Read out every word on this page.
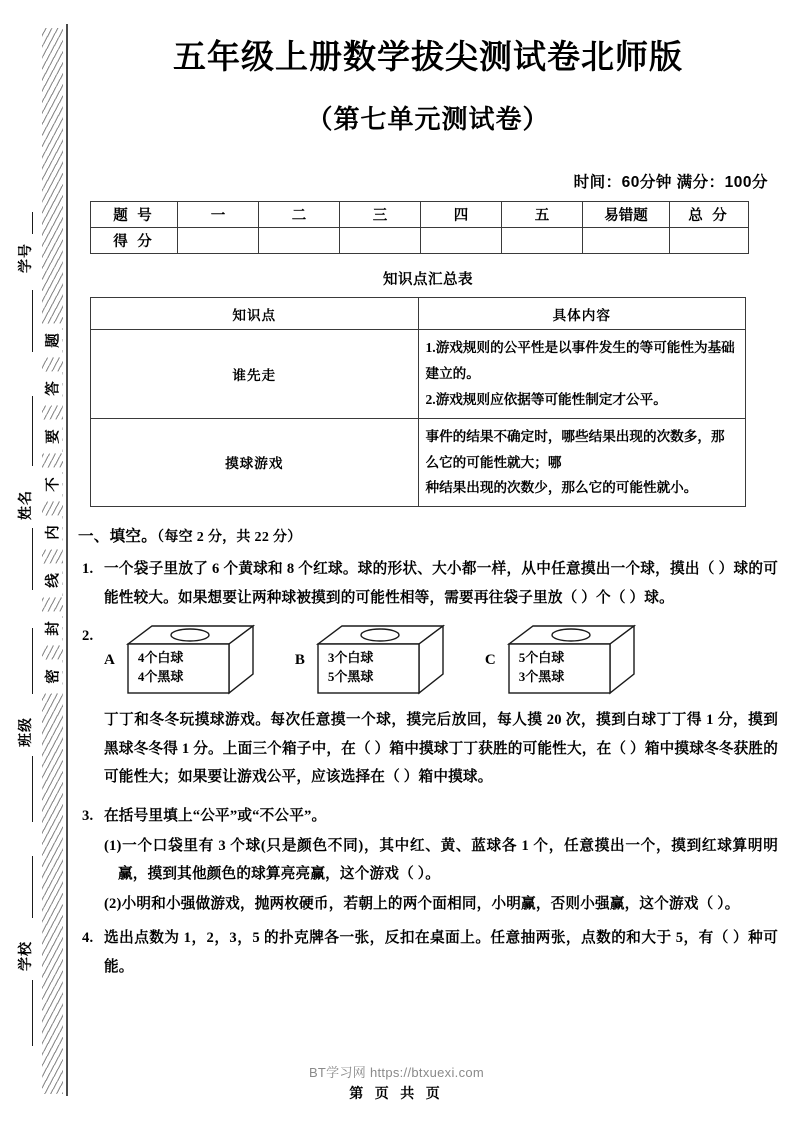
学号
姓名
班级
学校
题
答
要
不
内
线
封
密
五年级上册数学拔尖测试卷北师版
（第七单元测试卷）
时间：60分钟 满分：100分
题 号	一	二	三	四	五	易错题	总 分
得 分							
知识点汇总表
知识点	具体内容
谁先走	1.游戏规则的公平性是以事件发生的等可能性为基础建立的。
2.游戏规则应依据等可能性制定才公平。

摸球游戏	事件的结果不确定时，哪些结果出现的次数多，那么它的可能性就大；哪
种结果出现的次数少，那么它的可能性就小。
一、填空。（每空 2 分，共 22 分）
1. 一个袋子里放了 6 个黄球和 8 个红球。球的形状、大小都一样，从中任意摸出一个球，摸出（ ）球的可能性较大。如果想要让两种球被摸到的可能性相等，需要再往袋子里放（ ）个（ ）球。
2.
A 4个白球
4个黑球
B 3个白球
5个黑球
C 5个白球
3个黑球
丁丁和冬冬玩摸球游戏。每次任意摸一个球，摸完后放回，每人摸 20 次，摸到白球丁丁得 1 分，摸到黑球冬冬得 1 分。上面三个箱子中，在（ ）箱中摸球丁丁获胜的可能性大，在（ ）箱中摸球冬冬获胜的可能性大；如果要让游戏公平，应该选择在（ ）箱中摸球。
3. 在括号里填上“公平”或“不公平”。
(1)一个口袋里有 3 个球(只是颜色不同)，其中红、黄、蓝球各 1 个，任意摸出一个，摸到红球算明明赢，摸到其他颜色的球算亮亮赢，这个游戏（ ）。
(2)小明和小强做游戏，抛两枚硬币，若朝上的两个面相同，小明赢，否则小强赢，这个游戏（ ）。
4. 选出点数为 1，2，3，5 的扑克牌各一张，反扣在桌面上。任意抽两张，点数的和大于 5，有（ ）种可能。
BT学习网 https://btxuexi.com
第 页 共 页
